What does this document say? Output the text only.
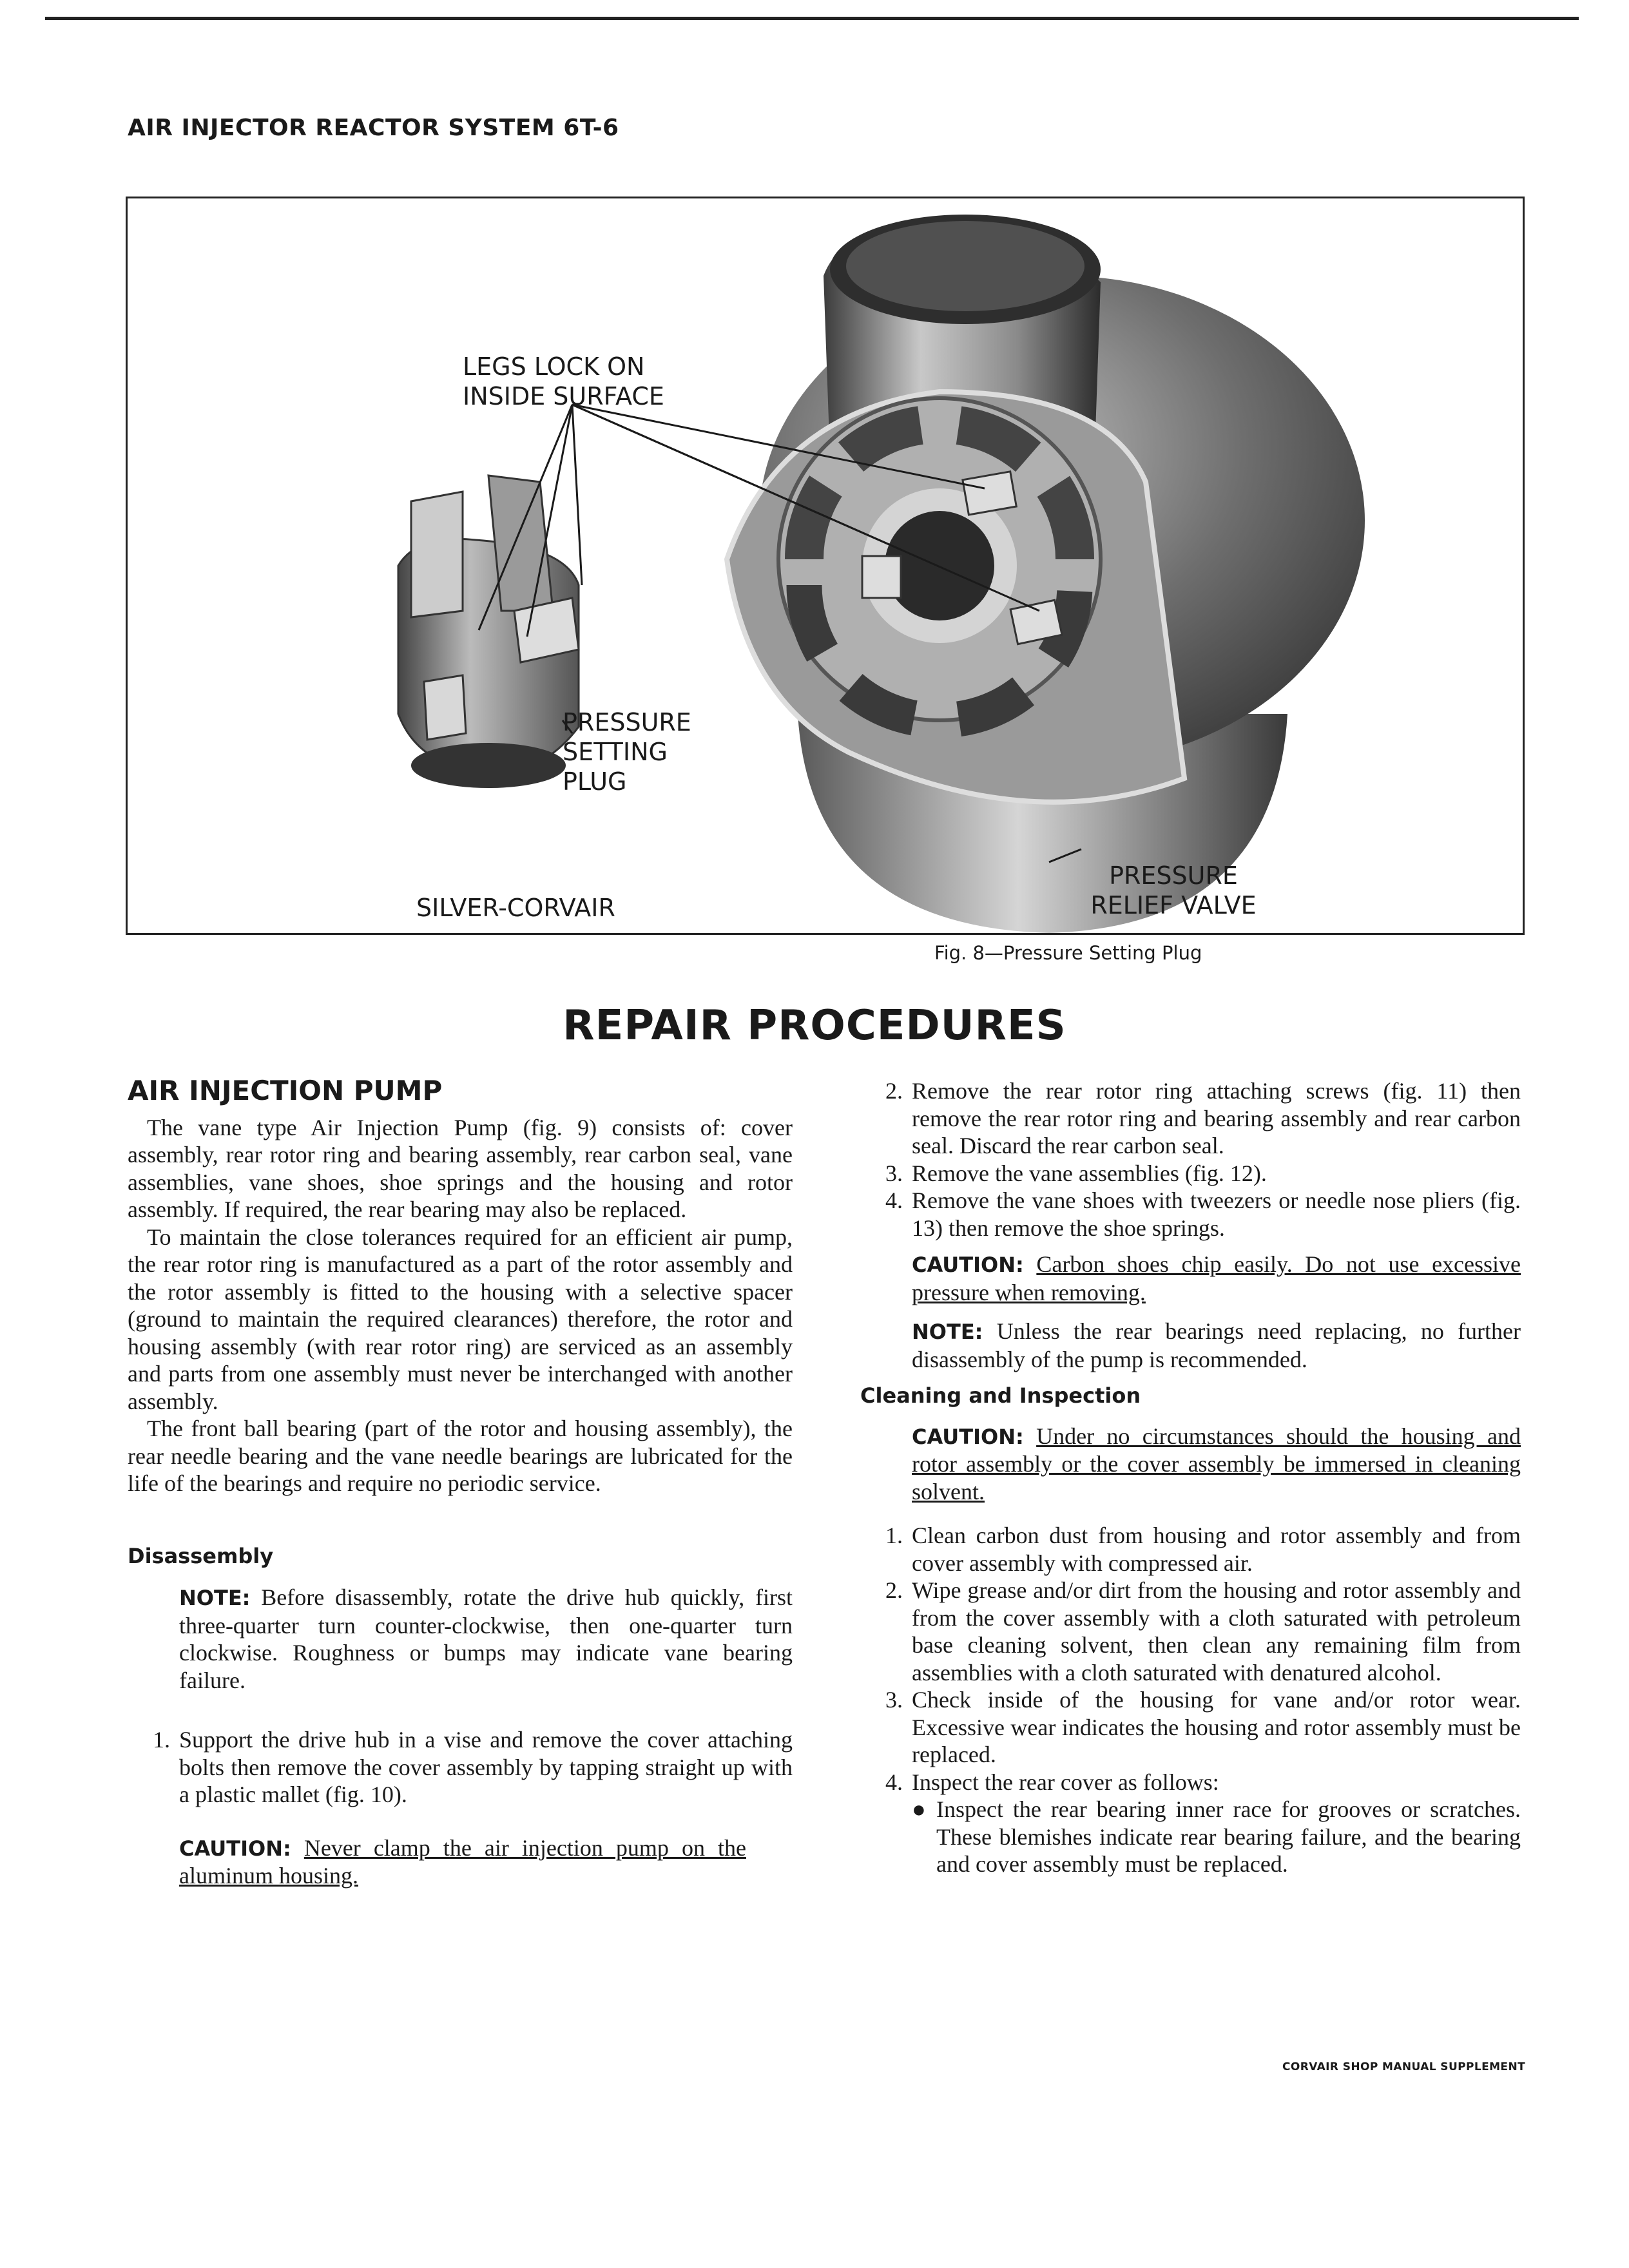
AIR INJECTOR REACTOR SYSTEM 6T-6
LEGS LOCK ON
INSIDE SURFACE
PRESSURE
SETTING
PLUG
SILVER-CORVAIR
PRESSURE
RELIEF VALVE
Fig. 8—Pressure Setting Plug
REPAIR PROCEDURES
AIR INJECTION PUMP

The vane type Air Injection Pump (fig. 9) consists of: cover assembly, rear rotor ring and bearing assembly, rear carbon seal, vane assemblies, vane shoes, shoe springs and the housing and rotor assembly. If required, the rear bearing may also be replaced.

To maintain the close tolerances required for an efficient air pump, the rear rotor ring is manufactured as a part of the rotor assembly and the rotor assembly is fitted to the housing with a selective spacer (ground to maintain the required clearances) therefore, the rotor and housing assembly (with rear rotor ring) are serviced as an assembly and parts from one assembly must never be interchanged with another assembly.

The front ball bearing (part of the rotor and housing assembly), the rear needle bearing and the vane needle bearings are lubricated for the life of the bearings and require no periodic service.

Disassembly

NOTE: Before disassembly, rotate the drive hub quickly, first three-quarter turn counter-clockwise, then one-quarter turn clockwise. Roughness or bumps may indicate vane bearing failure.

1. Support the drive hub in a vise and remove the cover attaching bolts then remove the cover assembly by tapping straight up with a plastic mallet (fig. 10).

CAUTION: Never clamp the air injection pump on the aluminum housing.

2. Remove the rear rotor ring attaching screws (fig. 11) then remove the rear rotor ring and bearing assembly and rear carbon seal. Discard the rear carbon seal.
3. Remove the vane assemblies (fig. 12).
4. Remove the vane shoes with tweezers or needle nose pliers (fig. 13) then remove the shoe springs.

CAUTION: Carbon shoes chip easily. Do not use excessive pressure when removing.

NOTE: Unless the rear bearings need replacing, no further disassembly of the pump is recommended.

Cleaning and Inspection

CAUTION: Under no circumstances should the housing and rotor assembly or the cover assembly be immersed in cleaning solvent.

1. Clean carbon dust from housing and rotor assembly and from cover assembly with compressed air.
2. Wipe grease and/or dirt from the housing and rotor assembly and from the cover assembly with a cloth saturated with petroleum base cleaning solvent, then clean any remaining film from assemblies with a cloth saturated with denatured alcohol.
3. Check inside of the housing for vane and/or rotor wear. Excessive wear indicates the housing and rotor assembly must be replaced.
4. Inspect the rear cover as follows:
● Inspect the rear bearing inner race for grooves or scratches. These blemishes indicate rear bearing failure, and the bearing and cover assembly must be replaced.
CORVAIR SHOP MANUAL SUPPLEMENT
